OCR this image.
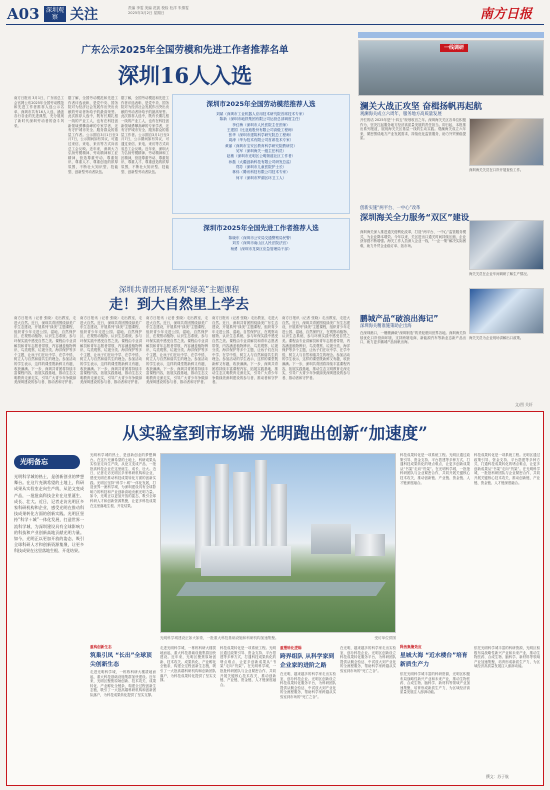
A03	深圳观察 关注	责编 李雯 美编 范凯 校检 杜洋 朱倩雯
2025年3月2日 星期日	南方日报
广东公示2025年全国劳模和先进工作者推荐名单
深圳16人入选
南方日报讯 3月1日，广东省总工会官网公布2025年全国劳动模范和先进工作者推荐人选公示名单，深圳市共有16人入选，涵盖各行各业的先进典型，充分展现了新时代深圳劳动者的奋斗风采。
据了解，全国劳动模范和先进工作者评选表彰，是党中央、国务院对为经济社会发展作出突出贡献的劳动者所给予的最高荣誉。此次推荐人选中，既有长期扎根一线的产业工人，也有在科技创新领域勇攀高峰的专家学者，还有守护城市安全、服务群众的基层工作者。公示期自3月1日至3月7日，公示期间如有异议，可通过来信、来电、来访等方式向省总工会反映。近年来，深圳大力弘扬劳模精神、劳动精神和工匠精神，营造尊重劳动、尊重知识、尊重人才、尊重创造的浓厚氛围，不断壮大知识型、技能型、创新型劳动者队伍。
据了解，全国劳动模范和先进工作者评选表彰，是党中央、国务院对为经济社会发展作出突出贡献的劳动者所给予的最高荣誉。此次推荐人选中，既有长期扎根一线的产业工人，也有在科技创新领域勇攀高峰的专家学者，还有守护城市安全、服务群众的基层工作者。公示期自3月1日至3月7日，公示期间如有异议，可通过来信、来电、来访等方式向省总工会反映。近年来，深圳大力弘扬劳模精神、劳动精神和工匠精神，营造尊重劳动、尊重知识、尊重人才、尊重创造的浓厚氛围，不断壮大知识型、技能型、创新型劳动者队伍。
深圳市2025年全国劳动模范推荐人选
刘斌（深圳市工业机器人应用技术研究院首席技术专家）
陈新（深圳市地铁集团有限公司运营总部调度主任）
李红梅（深圳市人民医院主任医师）
王建国（比亚迪股份有限公司高级工程师）
张华（深圳市建筑科学研究院总工程师）
周涛（华为技术有限公司首席技术专家）
黄丽（深圳市宝安区教育科学研究院教研员）
吴军（深圳海关一级主任科员）
赵敏（深圳市光明区公明街道社区工作者）
孙磊（大疆创新科技有限公司研发总监）
郑芳（深圳市儿童医院护士长）
林伟（腾讯科技有限公司技术专家）
何平（深圳市罗湖区环卫工人）
深圳市2025年全国先进工作者推荐人选
陈晓东（深圳市公安局交通警察局民警）
刘芳（深圳市南山区人民法院法官）
杨勇（深圳市龙岗区应急管理局干部）
深圳共青团开展系列“绿美”主题课程
走！到大自然里上学去
南方日报讯（记者 张晓）走出教室，走进大自然。近日，深圳共青团围绕绿美广东生态建设，开展系列“绿美”主题课程，组织青少年走进公园、湿地、自然保护区，在观察动植物、认识生态系统、参与环保实践中感受自然之美。课程由专业讲解员和青年志愿者带领，内容涵盖植物辨识、鸟类观察、垃圾分类、海洋保护等多个主题，让孩子们在玩中学、在学中悟，树立人与自然和谐共生的理念。参加活动的学生表示，这样的课堂既新鲜又有趣，收获满满。下一步，深圳共青团将持续丰富课程内容，拓展实践基地，推动生态文明教育走深走实，引导广大青少年争做绿美深圳建设的参与者、推动者和守护者。
南方日报讯（记者 张晓）走出教室，走进大自然。近日，深圳共青团围绕绿美广东生态建设，开展系列“绿美”主题课程，组织青少年走进公园、湿地、自然保护区，在观察动植物、认识生态系统、参与环保实践中感受自然之美。课程由专业讲解员和青年志愿者带领，内容涵盖植物辨识、鸟类观察、垃圾分类、海洋保护等多个主题，让孩子们在玩中学、在学中悟，树立人与自然和谐共生的理念。参加活动的学生表示，这样的课堂既新鲜又有趣，收获满满。下一步，深圳共青团将持续丰富课程内容，拓展实践基地，推动生态文明教育走深走实，引导广大青少年争做绿美深圳建设的参与者、推动者和守护者。
南方日报讯（记者 张晓）走出教室，走进大自然。近日，深圳共青团围绕绿美广东生态建设，开展系列“绿美”主题课程，组织青少年走进公园、湿地、自然保护区，在观察动植物、认识生态系统、参与环保实践中感受自然之美。课程由专业讲解员和青年志愿者带领，内容涵盖植物辨识、鸟类观察、垃圾分类、海洋保护等多个主题，让孩子们在玩中学、在学中悟，树立人与自然和谐共生的理念。参加活动的学生表示，这样的课堂既新鲜又有趣，收获满满。下一步，深圳共青团将持续丰富课程内容，拓展实践基地，推动生态文明教育走深走实，引导广大青少年争做绿美深圳建设的参与者、推动者和守护者。
南方日报讯（记者 张晓）走出教室，走进大自然。近日，深圳共青团围绕绿美广东生态建设，开展系列“绿美”主题课程，组织青少年走进公园、湿地、自然保护区，在观察动植物、认识生态系统、参与环保实践中感受自然之美。课程由专业讲解员和青年志愿者带领，内容涵盖植物辨识、鸟类观察、垃圾分类、海洋保护等多个主题，让孩子们在玩中学、在学中悟，树立人与自然和谐共生的理念。参加活动的学生表示，这样的课堂既新鲜又有趣，收获满满。下一步，深圳共青团将持续丰富课程内容，拓展实践基地，推动生态文明教育走深走实，引导广大青少年争做绿美深圳建设的参与者、推动者和守护者。
南方日报讯（记者 张晓）走出教室，走进大自然。近日，深圳共青团围绕绿美广东生态建设，开展系列“绿美”主题课程，组织青少年走进公园、湿地、自然保护区，在观察动植物、认识生态系统、参与环保实践中感受自然之美。课程由专业讲解员和青年志愿者带领，内容涵盖植物辨识、鸟类观察、垃圾分类、海洋保护等多个主题，让孩子们在玩中学、在学中悟，树立人与自然和谐共生的理念。参加活动的学生表示，这样的课堂既新鲜又有趣，收获满满。下一步，深圳共青团将持续丰富课程内容，拓展实践基地，推动生态文明教育走深走实，引导广大青少年争做绿美深圳建设的参与者、推动者和守护者。
一线调研
澜关大战正攻坚 奋楫扬帆再起航
观澜海关成立六周年，服务地方高质量发展
开栏的话 2025年是“十四五”规划收官之年。深圳海关关区各单位积极作为，坚决扛起服务地方经济高质量发展的责任担当。即日起，本报推出系列报道，展现海关关区基层一线的生动实践。观澜海关成立六年来，紧密围绕地方产业发展需求，持续优化监管服务，助力外贸保稳提质。
深圳海关关员在口岸开展查验工作。
创新实施“两平台、一中心”改革
深圳海关全力服务“双区”建设
深圳海关深入推进通关便利化改革，打造“两平台、一中心”监管服务模式，为企业降本增效。今年以来，关区进出口通关时间持续压缩，企业获得感不断增强。海关工作人员深入企业一线，“一企一策”解决实际困难，助力外贸企业稳订单、拓市场。
海关关员在企业车间调研了解生产情况。
鹏城产品“破浪出海记”
深圳海关精准施策助企出海
在深圳港口，一艘艘满载“深圳制造”的货轮驶向世界各地。深圳海关持续优化口岸营商环境，支持跨境电商、新能源汽车等新业态新产品出口，助力更多鹏城产品扬帆出海。
海关关员为企业现场讲解出口政策。
文/图 关轩
从实验室到市场端 光明跑出创新“加速度”
光明备忘
光明科学城的热土，是创新创业的梦想舞台。在这片充满希望的土地上，科研成果从实验室走向生产线，从论文变成产品，一批批高科技企业在这里诞生、成长、壮大。近日，记者走访光明区多家科研机构和企业，感受光明在推动科技成果转化方面的创新实践。光明区坚持“科学＋城”一体化发展，打造世界一流科学城，为深圳建设具有全球影响力的科技和产业创新高地贡献光明力量。如今，光明正以更加开放的姿态，吸引全球科研人才和创新资源集聚，让更多科技成果在这里落地生根、开花结果。
光明科学城的热土，是创新创业的梦想舞台。在这片充满希望的土地上，科研成果从实验室走向生产线，从论文变成产品，一批批高科技企业在这里诞生、成长、壮大。近日，记者走访光明区多家科研机构和企业，感受光明在推动科技成果转化方面的创新实践。光明区坚持“科学＋城”一体化发展，打造世界一流科学城，为深圳建设具有全球影响力的科技和产业创新高地贡献光明力量。如今，光明正以更加开放的姿态，吸引全球科研人才和创新资源集聚，让更多科技成果在这里落地生根、开花结果。
光明科学城建设正如火如荼，一批重大科技基础设施和科研机构加速集聚。	受访单位供图
科技成果转化是一项系统工程。光明区通过政策引导、资金支持、平台搭建等多种方式，打通科技成果转化的堵点难点，让更多创新成果从“书架”走向“货架”。在光明科学城，一批批科研团队与企业紧密合作，共同开展关键核心技术攻关，推动创新链、产业链、资金链、人才链深度融合。
科技成果转化是一项系统工程。光明区通过政策引导、资金支持、平台搭建等多种方式，打通科技成果转化的堵点难点，让更多创新成果从“书架”走向“货架”。在光明科学城，一批批科研团队与企业紧密合作，共同开展关键核心技术攻关，推动创新链、产业链、资金链、人才链深度融合。
重构创新生态
筑巢引凤 “长出”全球顶尖创新生态
走进光明科学城，一栋栋科研大楼拔地而起，重大科技基础设施集群加快建设。近年来，光明区聚焦原始创新、技术攻关、成果转化、产业孵化全链条，构建全过程创新生态链，吸引了一大批高端科研机构和创新团队落户，为科技成果转化提供了坚实支撑。
走进光明科学城，一栋栋科研大楼拔地而起，重大科技基础设施集群加快建设。近年来，光明区聚焦原始创新、技术攻关、成果转化、产业孵化全链条，构建全过程创新生态链，吸引了一大批高端科研机构和创新团队落户，为科技成果转化提供了坚实支撑。
科技成果转化是一项系统工程。光明区通过政策引导、资金支持、平台搭建等多种方式，打通科技成果转化的堵点难点，让更多创新成果从“书架”走向“货架”。在光明科学城，一批批科研团队与企业紧密合作，共同开展关键核心技术攻关，推动创新链、产业链、资金链、人才链深度融合。
重塑转化逻辑
跨界组队 从科学家到企业家的进阶之路
在光明，越来越多的科学家走出实验室，创办科技企业。光明区创新设立科技成果转化服务平台，为科研团队提供从概念验证、中试放大到产业化的全流程服务，帮助科学家跨越从实验室到市场的“死亡之谷”。
在光明，越来越多的科学家走出实验室，创办科技企业。光明区创新设立科技成果转化服务平台，为科研团队提供从概念验证、中试放大到产业化的全流程服务，帮助科学家跨越从实验室到市场的“死亡之谷”。
释放集聚效应
星城大海 “近水楼台”培育新质生产力
依托光明科学城丰富的科研资源，光明区积极布局战略性新兴产业和未来产业，推动生物医药、合成生物、脑科学、新材料等领域产业加速集聚，培育形成新质生产力，为区域经济高质量发展注入澎湃动能。
依托光明科学城丰富的科研资源，光明区积极布局战略性新兴产业和未来产业，推动生物医药、合成生物、脑科学、新材料等领域产业加速集聚，培育形成新质生产力，为区域经济高质量发展注入澎湃动能。
撰文：苏子航
